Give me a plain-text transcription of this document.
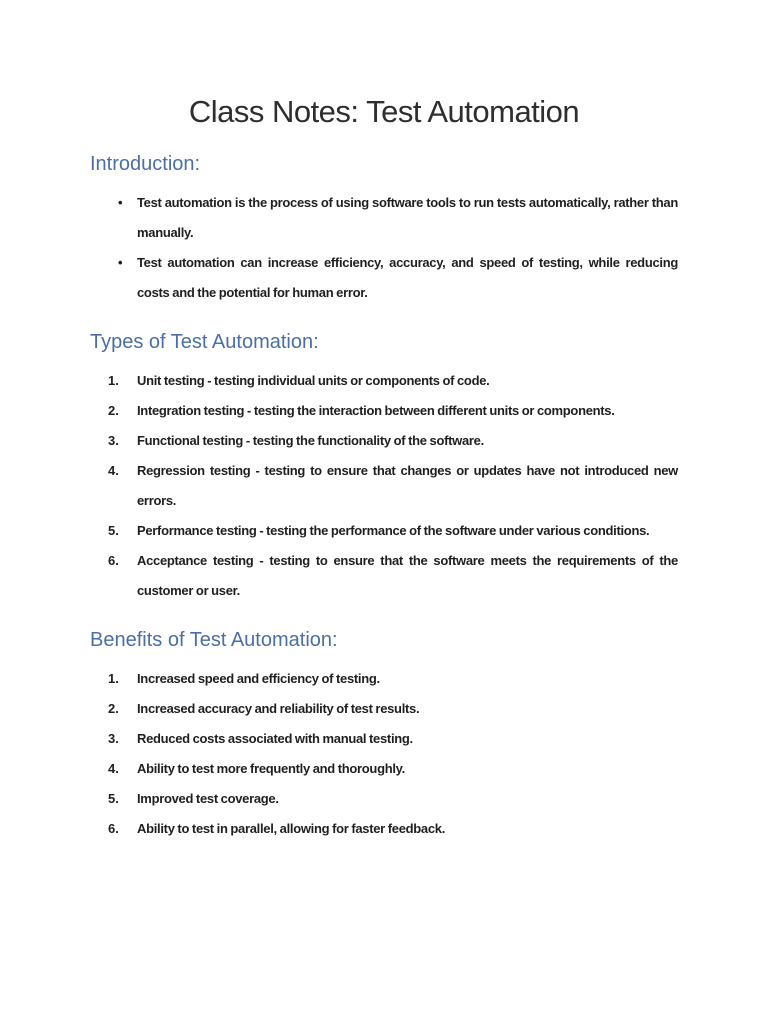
Class Notes: Test Automation
Introduction:
• Test automation is the process of using software tools to run tests automatically, rather than manually.
• Test automation can increase efficiency, accuracy, and speed of testing, while reducing costs and the potential for human error.
Types of Test Automation:
Unit testing - testing individual units or components of code.
Integration testing - testing the interaction between different units or components.
Functional testing - testing the functionality of the software.
Regression testing - testing to ensure that changes or updates have not introduced new errors.
Performance testing - testing the performance of the software under various conditions.
Acceptance testing - testing to ensure that the software meets the requirements of the customer or user.
Benefits of Test Automation:
Increased speed and efficiency of testing.
Increased accuracy and reliability of test results.
Reduced costs associated with manual testing.
Ability to test more frequently and thoroughly.
Improved test coverage.
Ability to test in parallel, allowing for faster feedback.
